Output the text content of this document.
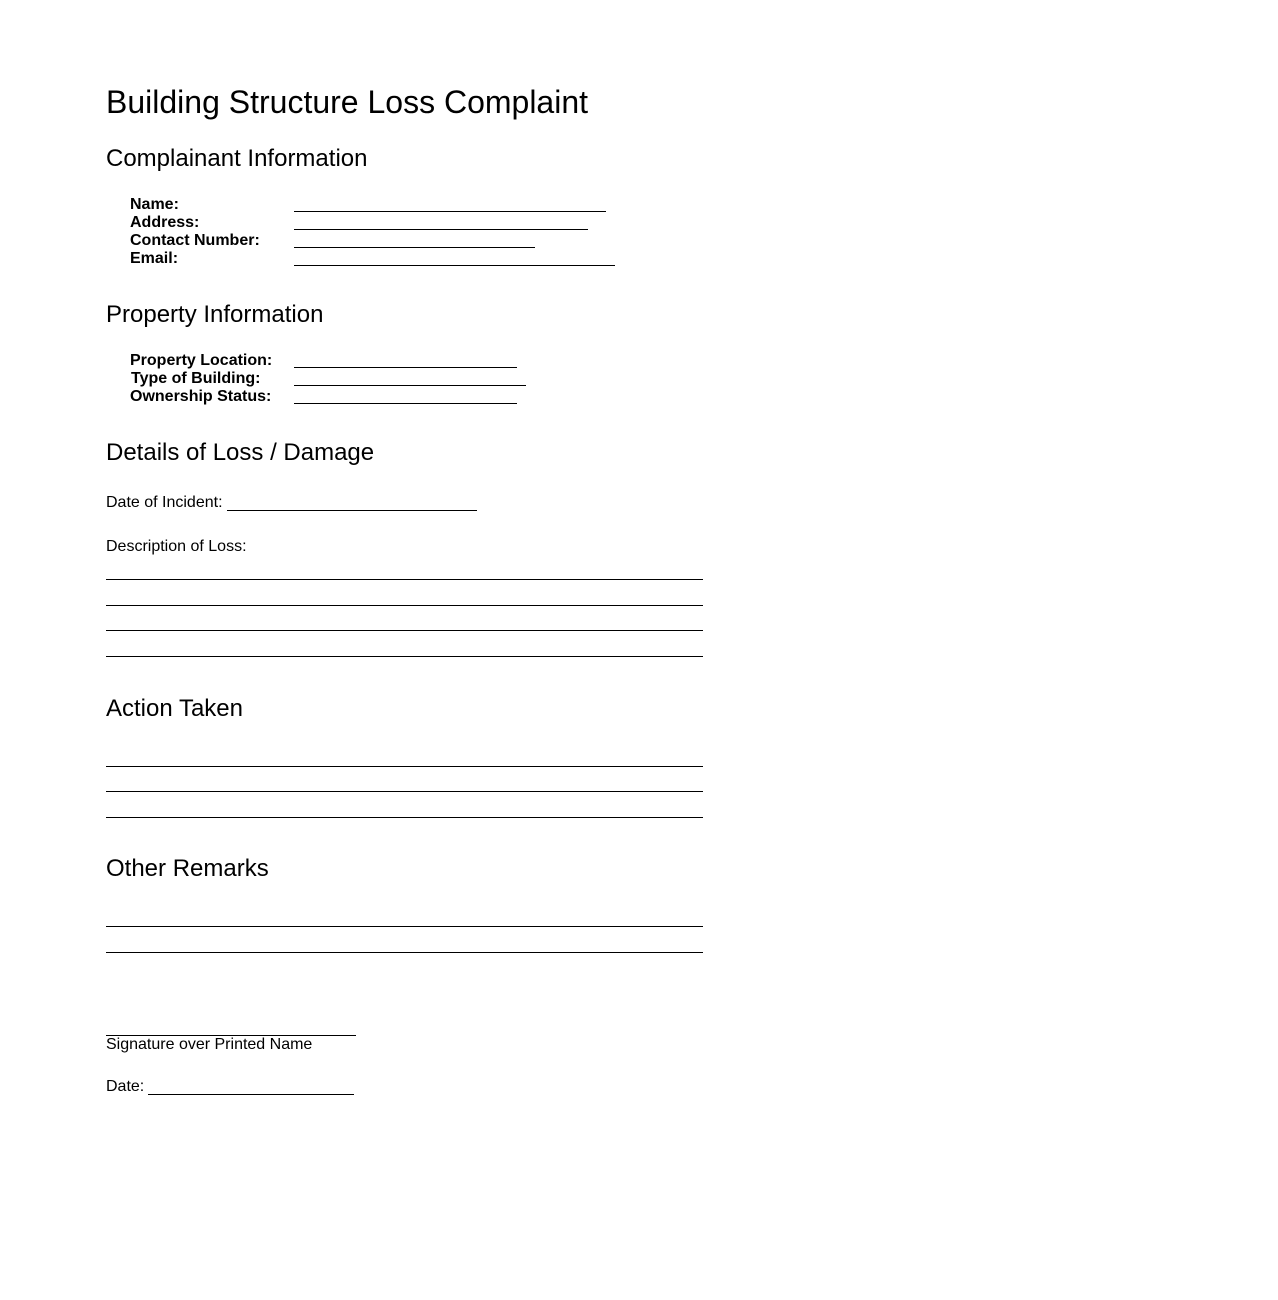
Building Structure Loss Complaint
Complainant Information
Name:
Address:
Contact Number:
Email:
Property Information
Property Location:
Type of Building:
Ownership Status:
Details of Loss / Damage
Date of Incident:
Description of Loss:
Action Taken
Other Remarks
Signature over Printed Name
Date:
